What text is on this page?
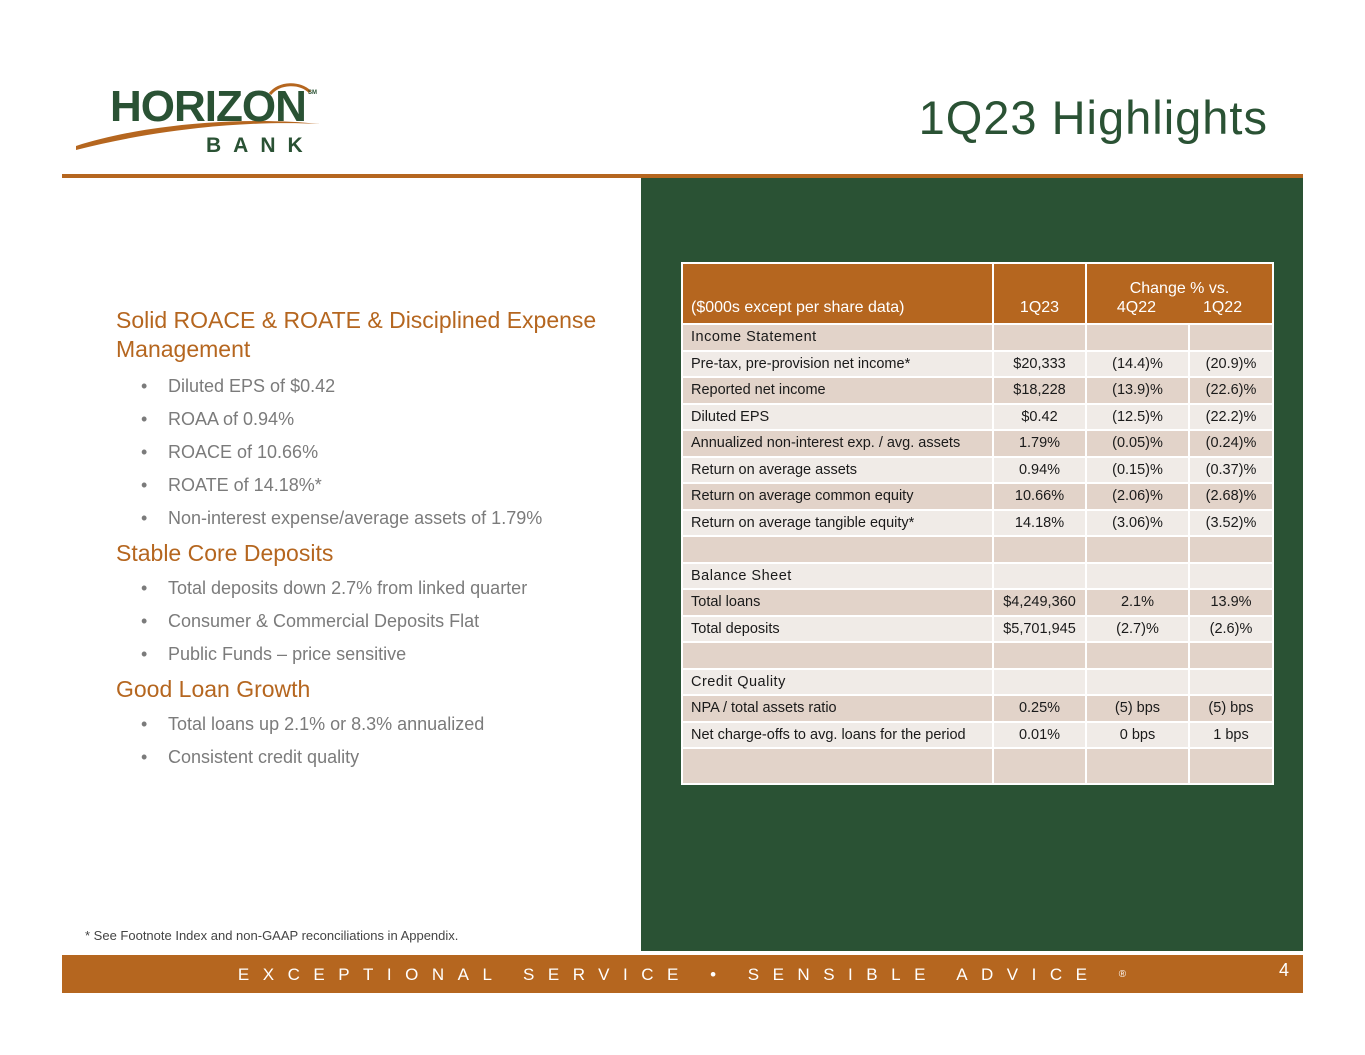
HORIZON SM
BANK
1Q23 Highlights

Solid ROACE & ROATE & Disciplined Expense Management

• Diluted EPS of $0.42
• ROAA of 0.94%
• ROACE of 10.66%
• ROATE of 14.18%*
• Non-interest expense/average assets of 1.79%

Stable Core Deposits

• Total deposits down 2.7% from linked quarter
• Consumer & Commercial Deposits Flat
• Public Funds – price sensitive

Good Loan Growth

• Total loans up 2.1% or 8.3% annualized
• Consistent credit quality
($000s except per share data)	1Q23	Change % vs.
4Q22 1Q22	

Income Statement			
Pre-tax, pre-provision net income*	$20,333	(14.4)%	(20.9)%
Reported net income	$18,228	(13.9)%	(22.6)%
Diluted EPS	$0.42	(12.5)%	(22.2)%
Annualized non-interest exp. / avg. assets	1.79%	(0.05)%	(0.24)%
Return on average assets	0.94%	(0.15)%	(0.37)%
Return on average common equity	10.66%	(2.06)%	(2.68)%
Return on average tangible equity*	14.18%	(3.06)%	(3.52)%

Balance Sheet			
Total loans	$4,249,360	2.1%	13.9%
Total deposits	$5,701,945	(2.7)%	(2.6)%

Credit Quality			
NPA / total assets ratio	0.25%	(5) bps	(5) bps
Net charge-offs to avg. loans for the period	0.01%	0 bps	1 bps

* See Footnote Index and non-GAAP reconciliations in Appendix.
EXCEPTIONAL SERVICE • SENSIBLE ADVICE ®	4
